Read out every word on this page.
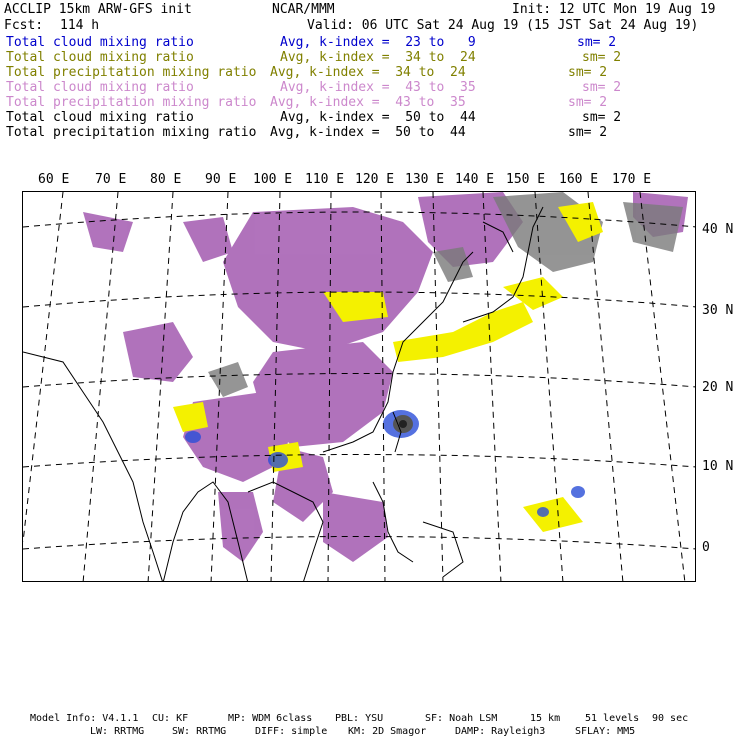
ACCLIP 15km ARW-GFS init	NCAR/MMM	Init: 12 UTC Mon 19 Aug 19
Fcst: 114 h	Valid: 06 UTC Sat 24 Aug 19 (15 JST Sat 24 Aug 19)
Total cloud mixing ratio	Avg, k-index =  23 to   9	sm= 2
Total cloud mixing ratio	Avg, k-index =  34 to  24	sm= 2
Total precipitation mixing ratio Avg, k-index =  34 to  24	sm= 2
Total cloud mixing ratio	Avg, k-index =  43 to  35	sm= 2
Total precipitation mixing ratio Avg, k-index =  43 to  35	sm= 2
Total cloud mixing ratio	Avg, k-index =  50 to  44	sm= 2
Total precipitation mixing ratio Avg, k-index =  50 to  44	sm= 2
60 E 70 E 80 E 90 E 100 E 110 E 120 E 130 E 140 E 150 E 160 E 170 E
40 N
30 N
20 N
10 N
0
Model Info: V4.1.1 CU: KF	MP: WDM 6class PBL: YSU	SF: Noah LSM	15 km 51 levels 90 sec
LW: RRTMG	SW: RRTMG	DIFF: simple KM: 2D Smagor	DAMP: Rayleigh3	SFLAY: MM5
